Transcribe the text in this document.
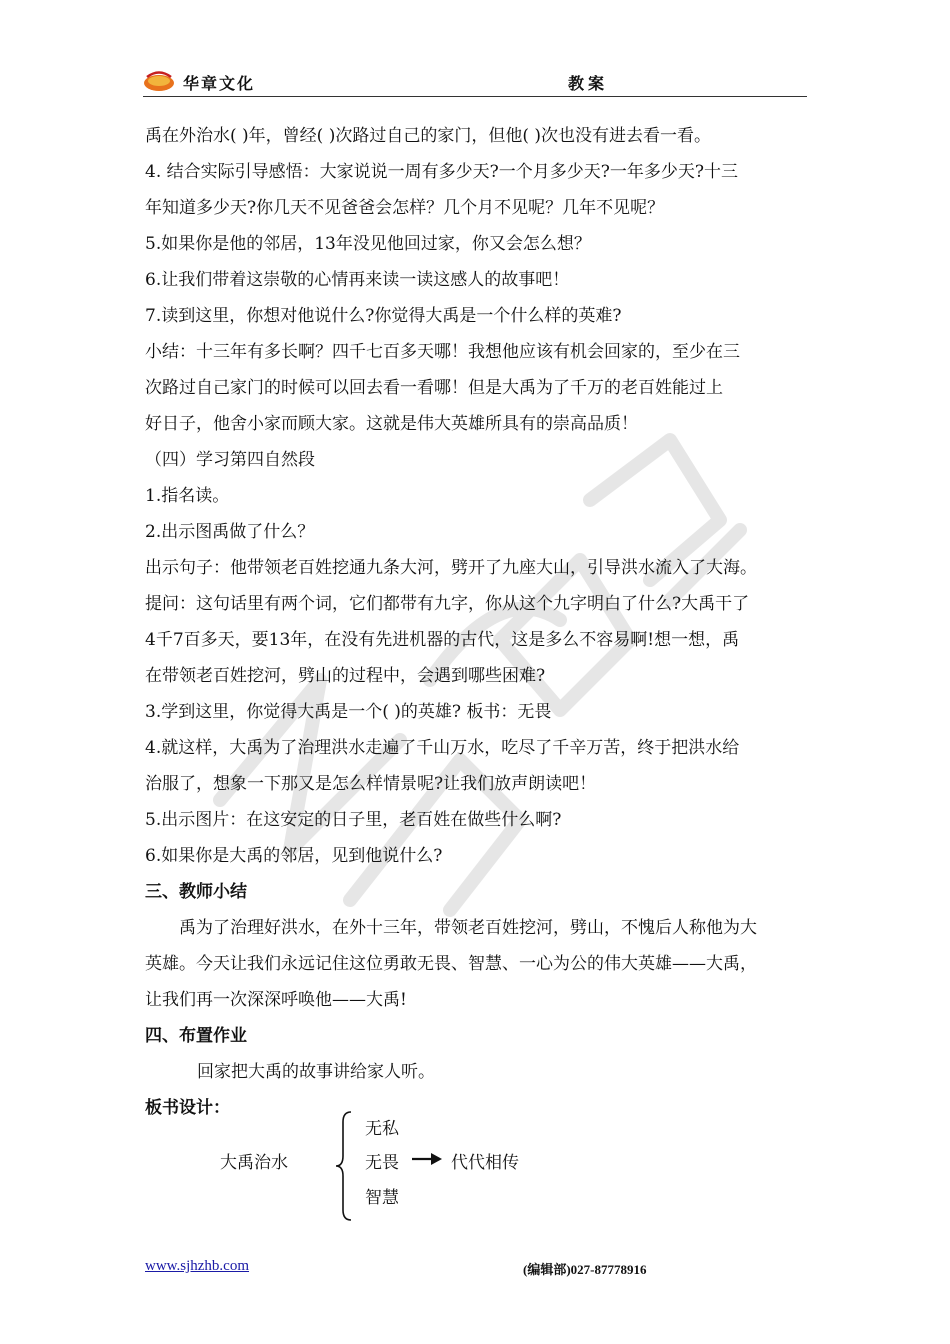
华章文化	教案
禹在外治水( )年，曾经( )次路过自己的家门，但他( )次也没有进去看一看。
4. 结合实际引导感悟：大家说说一周有多少天?一个月多少天?一年多少天?十三
年知道多少天?你几天不见爸爸会怎样？几个月不见呢？几年不见呢？
5.如果你是他的邻居，13年没见他回过家，你又会怎么想？
6.让我们带着这崇敬的心情再来读一读这感人的故事吧！
7.读到这里，你想对他说什么?你觉得大禹是一个什么样的英难?
小结：十三年有多长啊？四千七百多天哪！我想他应该有机会回家的，至少在三
次路过自己家门的时候可以回去看一看哪！但是大禹为了千万的老百姓能过上
好日子，他舍小家而顾大家。这就是伟大英雄所具有的崇高品质！
（四）学习第四自然段
1.指名读。
2.出示图禹做了什么？
出示句子：他带领老百姓挖通九条大河，劈开了九座大山，引导洪水流入了大海。
提问：这句话里有两个词，它们都带有九字，你从这个九字明白了什么?大禹干了
4千7百多天，要13年，在没有先进机器的古代，这是多么不容易啊!想一想，禹
在带领老百姓挖河，劈山的过程中，会遇到哪些困难?
3.学到这里，你觉得大禹是一个( )的英雄? 板书：无畏
4.就这样，大禹为了治理洪水走遍了千山万水，吃尽了千辛万苦，终于把洪水给
治服了，想象一下那又是怎么样情景呢?让我们放声朗读吧！
5.出示图片：在这安定的日子里，老百姓在做些什么啊?
6.如果你是大禹的邻居，见到他说什么?
三、教师小结
禹为了治理好洪水，在外十三年，带领老百姓挖河，劈山，不愧后人称他为大
英雄。今天让我们永远记住这位勇敢无畏、智慧、一心为公的伟大英雄——大禹，
让我们再一次深深呼唤他——大禹!
四、布置作业
回家把大禹的故事讲给家人听。
板书设计：
大禹治水
无私
无畏
智慧
代代相传
www.sjhzhb.com	(编辑部)027-87778916
